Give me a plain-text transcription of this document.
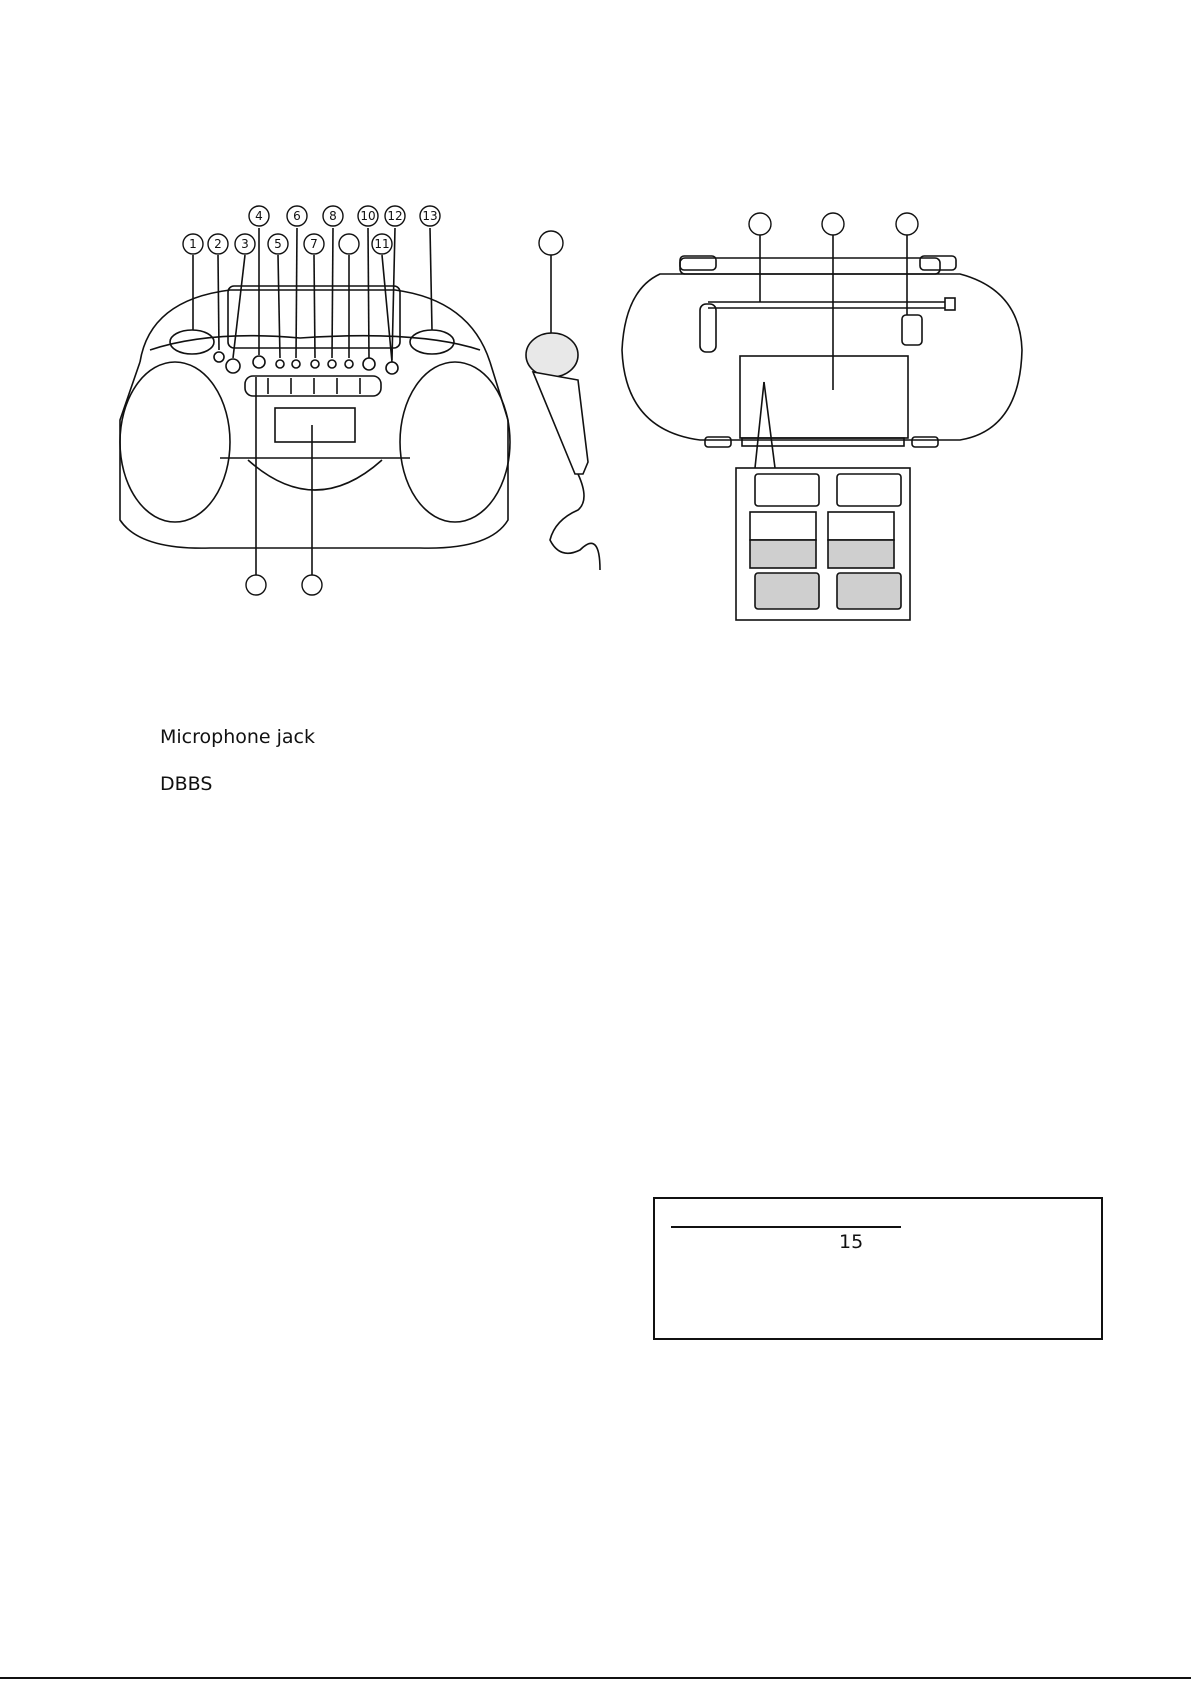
1 2 3
4
5
6
7
8 10
11
12 13
Microphone jack
DBBS
15
